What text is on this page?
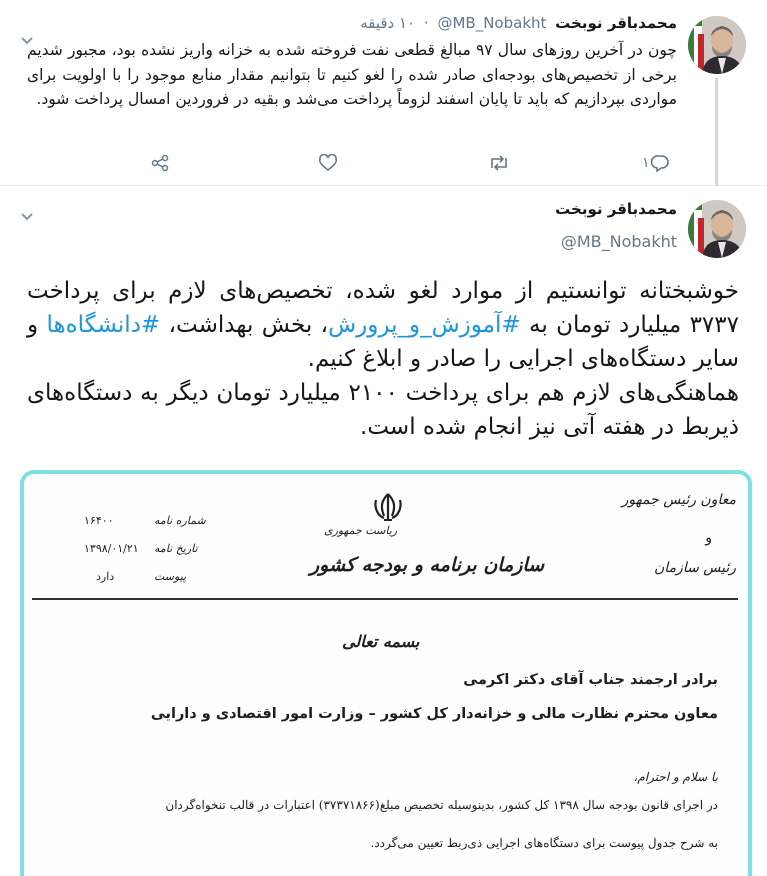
محمدباقر نوبخت @MB_Nobakht · ۱۰ دقیقه
چون در آخرین روزهای سال ۹۷ مبالغ قطعی نفت فروخته شده به خزانه واریز نشده بود، مجبور شدیم برخی از تخصیص‌های بودجه‌ای صادر شده را لغو کنیم تا بتوانیم مقدار منابع موجود را با اولویت برای مواردی بپردازیم که باید تا پایان اسفند لزوماً پرداخت می‌شد و بقیه در فروردین امسال پرداخت شود.
۱
محمدباقر نوبخت
@MB_Nobakht
خوشبختانه توانستیم از موارد لغو شده، تخصیص‌های لازم برای پرداخت ۳۷۳۷ میلیارد تومان به #آموزش_و_پرورش، بخش بهداشت، #دانشگاه‌ها و سایر دستگاه‌های اجرایی را صادر و ابلاغ کنیم.
هماهنگی‌های لازم هم برای پرداخت ۲۱۰۰ میلیارد تومان دیگر به دستگاه‌های ذیربط در هفته آتی نیز انجام شده است.
معاون رئیس جمهور
و
رئیس سازمان
ریاست جمهوری
سازمان برنامه و بودجه کشور
شماره نامه
۱۶۴۰۰
تاریخ نامه
۱۳۹۸/۰۱/۲۱
پیوست
دارد
بسمه تعالی
برادر ارجمند جناب آقای دکتر اکرمی
معاون محترم نظارت مالی و خزانه‌دار کل کشور – وزارت امور اقتصادی و دارایی
با سلام و احترام،
در اجرای قانون بودجه سال ۱۳۹۸ کل کشور، بدینوسیله تخصیص مبلغ(۳۷۳۷۱۸۶۶) اعتبارات در قالب تنخواه‌گردان
به شرح جدول پیوست برای دستگاه‌های اجرایی ذی‌ربط تعیین می‌گردد.
